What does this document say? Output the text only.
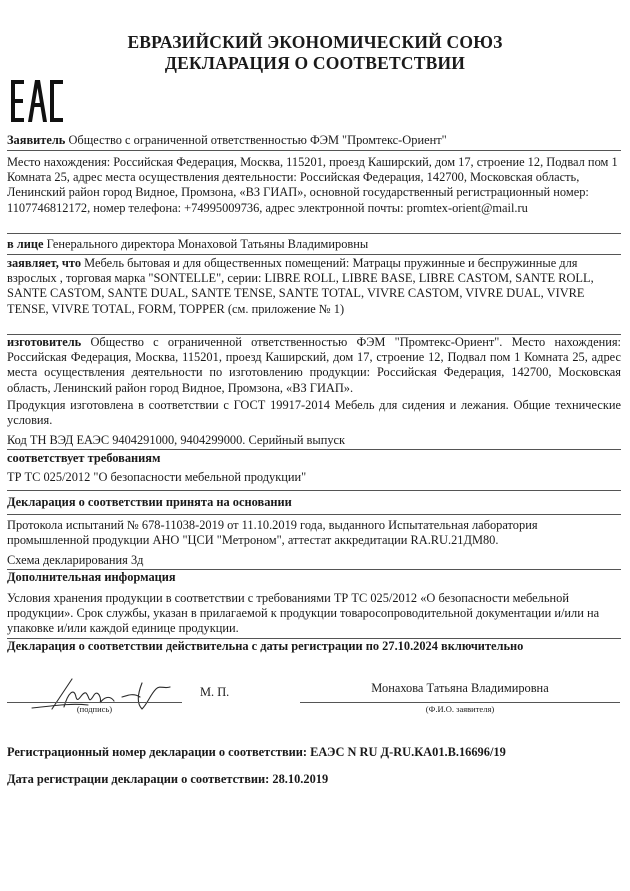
ЕВРАЗИЙСКИЙ ЭКОНОМИЧЕСКИЙ СОЮЗ
ДЕКЛАРАЦИЯ О СООТВЕТСТВИИ
Заявитель Общество с ограниченной ответственностью ФЭМ "Промтекс-Ориент"
Место нахождения: Российская Федерация, Москва, 115201, проезд Каширский, дом 17, строение 12, Подвал пом 1 Комната 25, адрес места осуществления деятельности: Российская Федерация, 142700, Московская область, Ленинский район город Видное, Промзона, «ВЗ ГИАП», основной государственный регистрационный номер: 1107746812172, номер телефона: +74995009736, адрес электронной почты: promtex-orient@mail.ru
в лице Генерального директора Монаховой Татьяны Владимировны
заявляет, что Мебель бытовая и для общественных помещений: Матрацы пружинные и беспружинные для взрослых , торговая марка "SONTELLE", серии: LIBRE ROLL, LIBRE BASE, LIBRE CASTOM, SANTE ROLL, SANTE CASTOM, SANTE DUAL, SANTE TENSE, SANTE TOTAL, VIVRE CASTOM, VIVRE DUAL, VIVRE TENSE, VIVRE TOTAL, FORM, TOPPER (см. приложение № 1)
изготовитель Общество с ограниченной ответственностью ФЭМ "Промтекс-Ориент". Место нахождения: Российская Федерация, Москва, 115201, проезд Каширский, дом 17, строение 12, Подвал пом 1 Комната 25, адрес места осуществления деятельности по изготовлению продукции: Российская Федерация, 142700, Московская область, Ленинский район город Видное, Промзона, «ВЗ ГИАП».
Продукция изготовлена в соответствии с ГОСТ 19917-2014 Мебель для сидения и лежания. Общие технические условия.
Код ТН ВЭД ЕАЭС 9404291000, 9404299000. Серийный выпуск
соответствует требованиям
ТР ТС 025/2012 "О безопасности мебельной продукции"
Декларация о соответствии принята на основании
Протокола испытаний № 678-11038-2019 от 11.10.2019 года, выданного Испытательная лаборатория промышленной продукции АНО "ЦСИ "Метроном", аттестат аккредитации RA.RU.21ДМ80.
Схема декларирования 3д
Дополнительная информация
Условия хранения продукции в соответствии с требованиями ТР ТС 025/2012 «О безопасности мебельной продукции». Срок службы, указан в прилагаемой к продукции товаросопроводительной документации и/или на упаковке и/или каждой единице продукции.
Декларация о соответствии действительна с даты регистрации по 27.10.2024 включительно
(подпись)
М. П.	Монахова Татьяна Владимировна
(Ф.И.О. заявителя)
Регистрационный номер декларации о соответствии: ЕАЭС N RU Д-RU.КА01.В.16696/19
Дата регистрации декларации о соответствии: 28.10.2019
